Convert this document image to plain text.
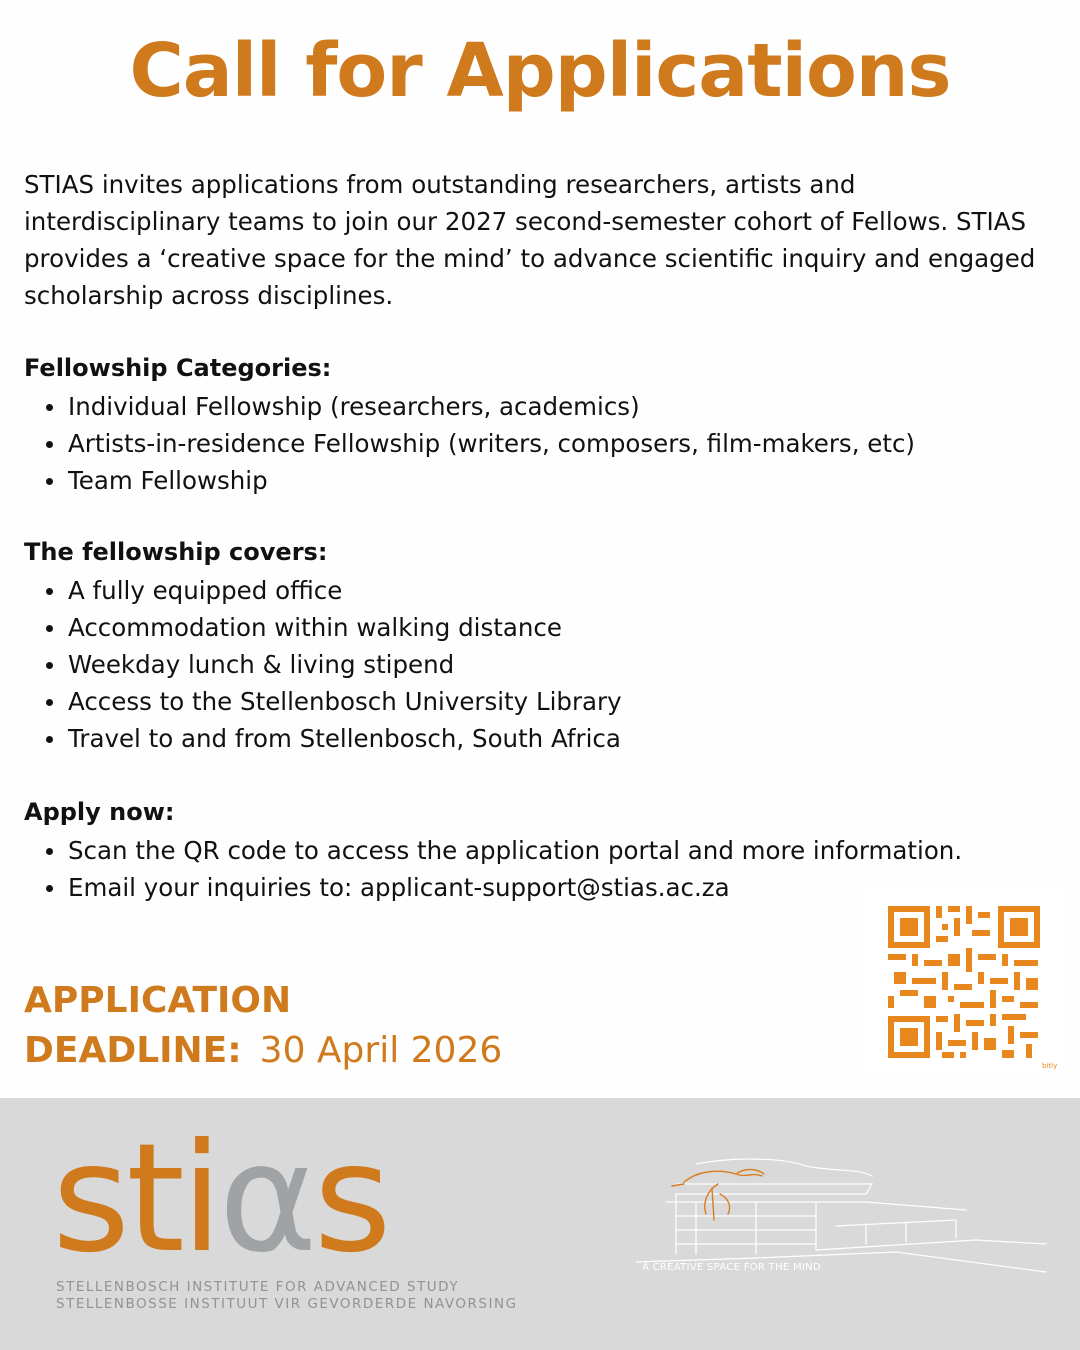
Call for Applications
STIAS invites applications from outstanding researchers, artists and interdisciplinary teams to join our 2027 second-semester cohort of Fellows. STIAS provides a ‘creative space for the mind’ to advance scientific inquiry and engaged scholarship across disciplines.
Fellowship Categories:
Individual Fellowship (researchers, academics)
Artists-in-residence Fellowship (writers, composers, film-makers, etc)
Team Fellowship
The fellowship covers:
A fully equipped office
Accommodation within walking distance
Weekday lunch & living stipend
Access to the Stellenbosch University Library
Travel to and from Stellenbosch, South Africa
Apply now:
Scan the QR code to access the application portal and more information.
Email your inquiries to: applicant-support@stias.ac.za
APPLICATION
DEADLINE: 30 April 2026	bitly
stiαs
STELLENBOSCH INSTITUTE FOR ADVANCED STUDY
STELLENBOSSE INSTITUUT VIR GEVORDERDE NAVORSING
A CREATIVE SPACE FOR THE MIND
